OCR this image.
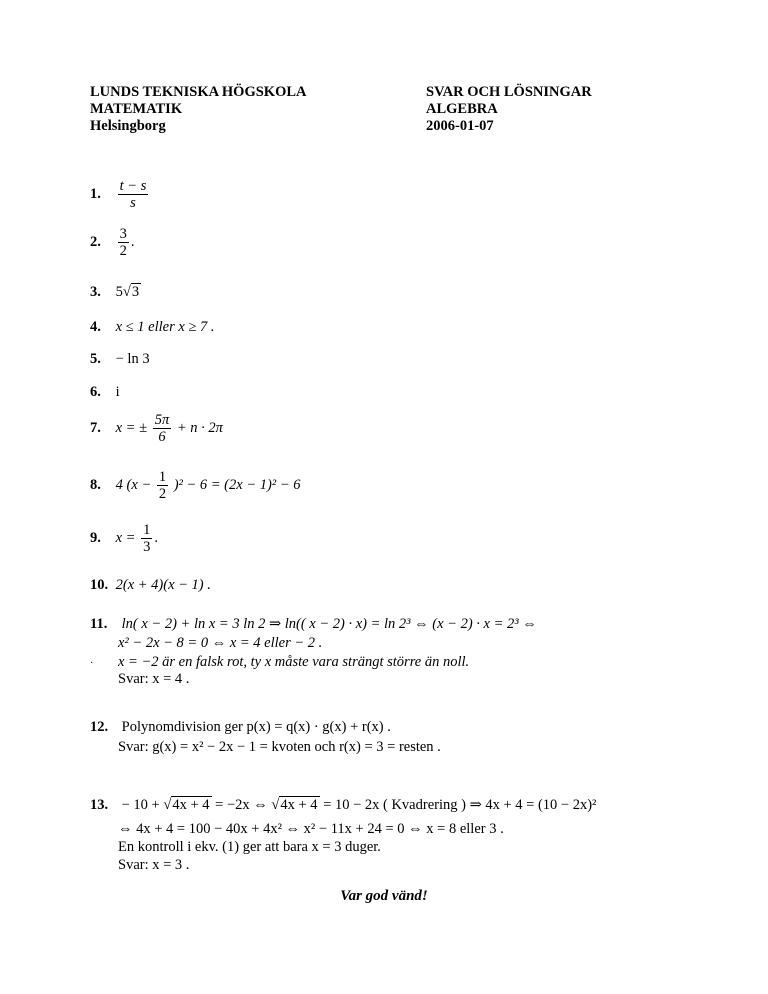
LUNDS TEKNISKA HÖGSKOLA
MATEMATIK
Helsingborg
SVAR OCH LÖSNINGAR
ALGEBRA
2006-01-07
1. $\frac{t - s}{s}$
2. $\frac{3}{2}$ .
3. 5√3
4. x ≤ 1 eller x ≥ 7 .
5. − ln 3
6. i
7. x = ± $\frac{5\pi}{6} + n \cdot 2\pi$
8. 4 $(x - \frac{1}{2} )^2 - 6 = (2x - 1)^2 - 6$
9. $x = \frac{1}{3}$ .
10. 2(x + 4)(x − 1) .
11. ln( x − 2) + ln x = 3 ln 2 ⇒ ln(( x − 2) · x) = ln 2³ ⇔ (x − 2) · x = 2³ ⇔
x² − 2x − 8 = 0 ⇔ x = 4 eller − 2 .
· x = −2 är en falsk rot, ty x måste vara strängt större än noll.
Svar: x = 4 .
12. Polynomdivision ger p(x) = q(x) · g(x) + r(x) .
Svar: g(x) = x² − 2x − 1 = kvoten och r(x) = 3 = resten .
13. − 10 + √4x + 4 = −2x ⇔ √4x + 4 = 10 − 2x ( Kvadrering ) ⇒ 4x + 4 = (10 − 2x)²
⇔ 4x + 4 = 100 − 40x + 4x² ⇔ x² − 11x + 24 = 0 ⇔ x = 8 eller 3 .
En kontroll i ekv. (1) ger att bara x = 3 duger.
Svar: x = 3 .
Var god vänd!
